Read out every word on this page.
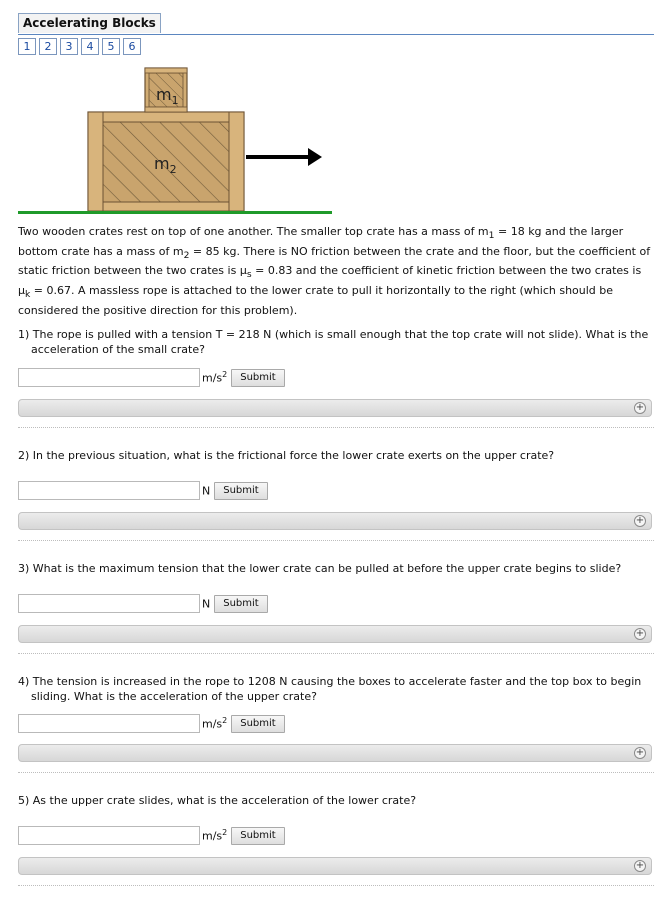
Accelerating Blocks
1	2	3	4	5	6
$m_1$
$m_2$
Two wooden crates rest on top of one another. The smaller top crate has a mass of $m_1 = 18$ kg and the larger bottom crate has a mass of $m_2 = 85$ kg. There is NO friction between the crate and the floor, but the coefficient of static friction between the two crates is $\mu_s = 0.83$ and the coefficient of kinetic friction between the two crates is $\mu_k = 0.67$. A massless rope is attached to the lower crate to pull it horizontally to the right (which should be considered the positive direction for this problem).
1) The rope is pulled with a tension T = 218 N (which is small enough that the top crate will not slide). What is the acceleration of the small crate?
$m/s^2$	Submit
+
2) In the previous situation, what is the frictional force the lower crate exerts on the upper crate?
N	Submit
+
3) What is the maximum tension that the lower crate can be pulled at before the upper crate begins to slide?
N	Submit
+
4) The tension is increased in the rope to 1208 N causing the boxes to accelerate faster and the top box to begin sliding. What is the acceleration of the upper crate?
$m/s^2$	Submit
+
5) As the upper crate slides, what is the acceleration of the lower crate?
$m/s^2$	Submit
+
